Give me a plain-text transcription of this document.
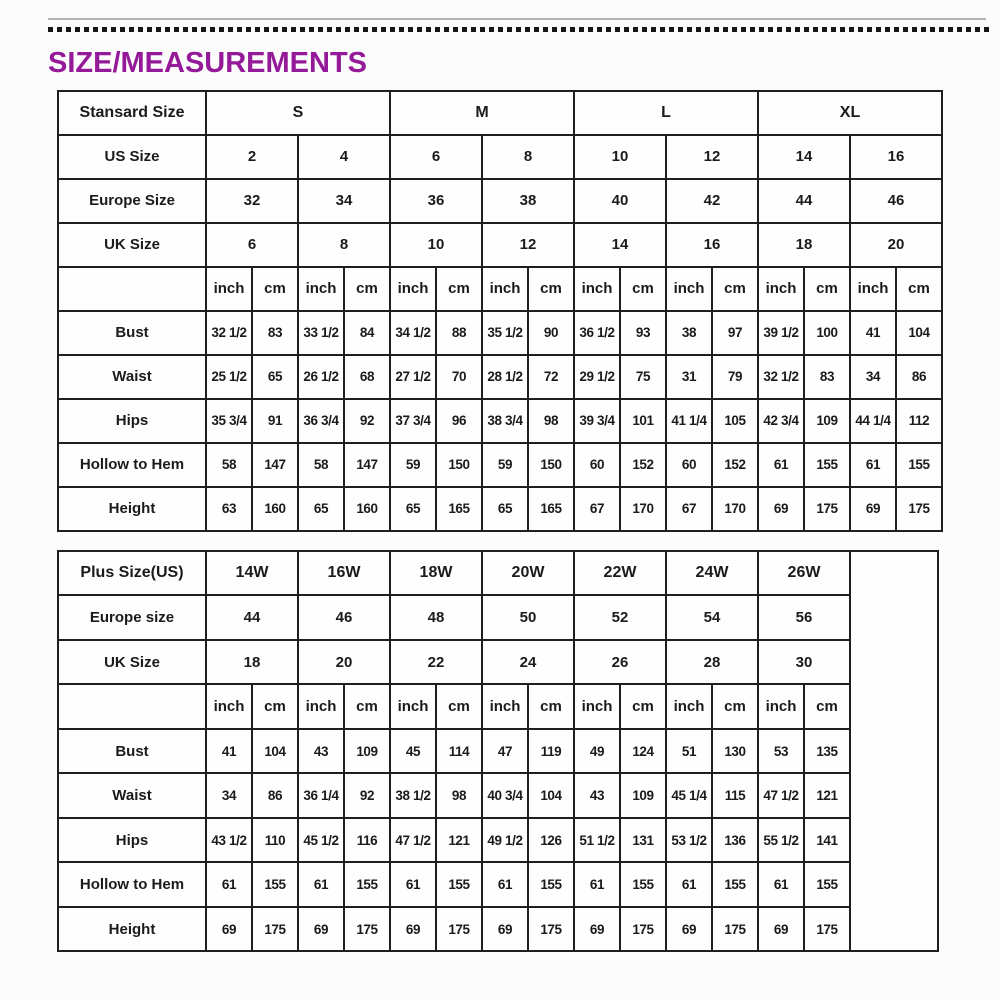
SIZE/MEASUREMENTS
Stansard Size	S				M				L				XL			
US Size	2		4		6		8		10		12		14		16	
Europe Size	32		34		36		38		40		42		44		46	
UK Size	6		8		10		12		14		16		18		20	
	inch	cm	inch	cm	inch	cm	inch	cm	inch	cm	inch	cm	inch	cm	inch	cm
Bust	32 1/2	83	33 1/2	84	34 1/2	88	35 1/2	90	36 1/2	93	38	97	39 1/2	100	41	104
Waist	25 1/2	65	26 1/2	68	27 1/2	70	28 1/2	72	29 1/2	75	31	79	32 1/2	83	34	86
Hips	35 3/4	91	36 3/4	92	37 3/4	96	38 3/4	98	39 3/4	101	41 1/4	105	42 3/4	109	44 1/4	112
Hollow to Hem	58	147	58	147	59	150	59	150	60	152	60	152	61	155	61	155
Height	63	160	65	160	65	165	65	165	67	170	67	170	69	175	69	175
Plus Size(US)	14W		16W		18W		20W		22W		24W		26W		
Europe size	44		46		48		50		52		54		56		
UK Size	18		20		22		24		26		28		30		
	inch	cm	inch	cm	inch	cm	inch	cm	inch	cm	inch	cm	inch	cm	
Bust	41	104	43	109	45	114	47	119	49	124	51	130	53	135	
Waist	34	86	36 1/4	92	38 1/2	98	40 3/4	104	43	109	45 1/4	115	47 1/2	121	
Hips	43 1/2	110	45 1/2	116	47 1/2	121	49 1/2	126	51 1/2	131	53 1/2	136	55 1/2	141	
Hollow to Hem	61	155	61	155	61	155	61	155	61	155	61	155	61	155	
Height	69	175	69	175	69	175	69	175	69	175	69	175	69	175	
